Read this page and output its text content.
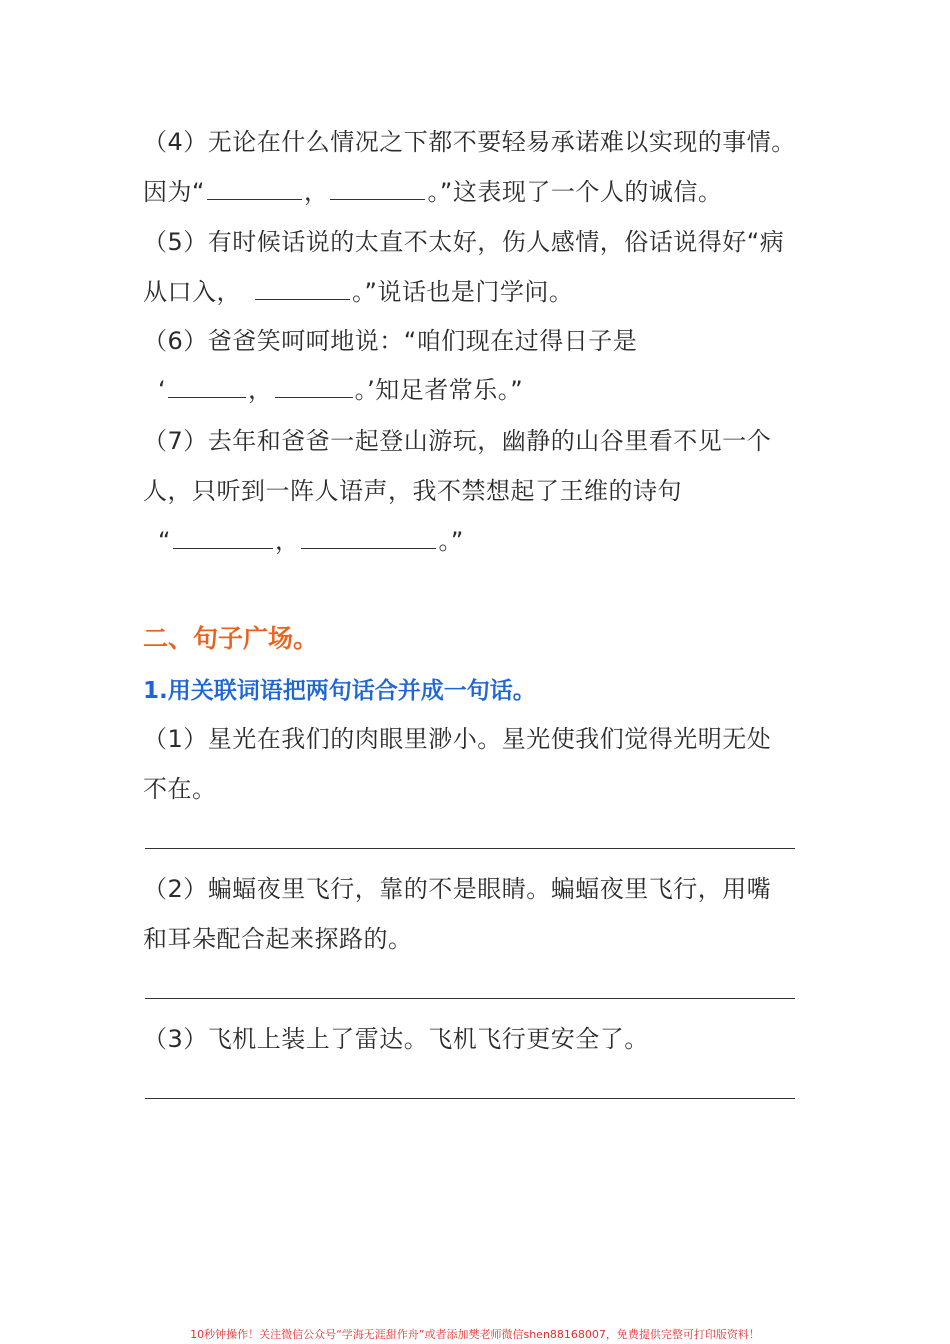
（4）无论在什么情况之下都不要轻易承诺难以实现的事情。
因为“	，	。”这表现了一个人的诚信。
（5）有时候话说的太直不太好，伤人感情，俗话说得好“病
从口入，	。”说话也是门学问。
（6）爸爸笑呵呵地说：“咱们现在过得日子是
‘	，	。’知足者常乐。”
（7）去年和爸爸一起登山游玩，幽静的山谷里看不见一个
人，只听到一阵人语声，我不禁想起了王维的诗句
“	，	。”
二、句子广场。
1.用关联词语把两句话合并成一句话。
（1）星光在我们的肉眼里渺小。星光使我们觉得光明无处
不在。
（2）蝙蝠夜里飞行，靠的不是眼睛。蝙蝠夜里飞行，用嘴
和耳朵配合起来探路的。
（3）飞机上装上了雷达。飞机飞行更安全了。
10秒钟操作！关注微信公众号“学海无涯甜作舟”或者添加樊老师微信shen88168007，免费提供完整可打印版资料！
